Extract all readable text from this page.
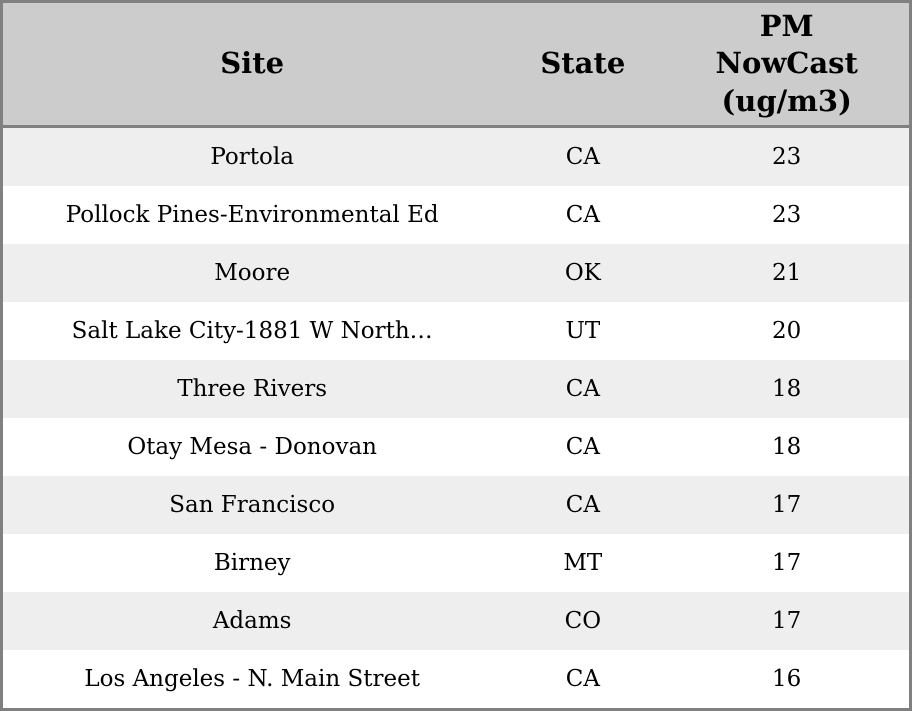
Site	State	PM NowCast (ug/m3)
Portola	CA	23
Pollock Pines-Environmental Ed	CA	23
Moore	OK	21
Salt Lake City-1881 W North…	UT	20
Three Rivers	CA	18
Otay Mesa - Donovan	CA	18
San Francisco	CA	17
Birney	MT	17
Adams	CO	17
Los Angeles - N. Main Street	CA	16
